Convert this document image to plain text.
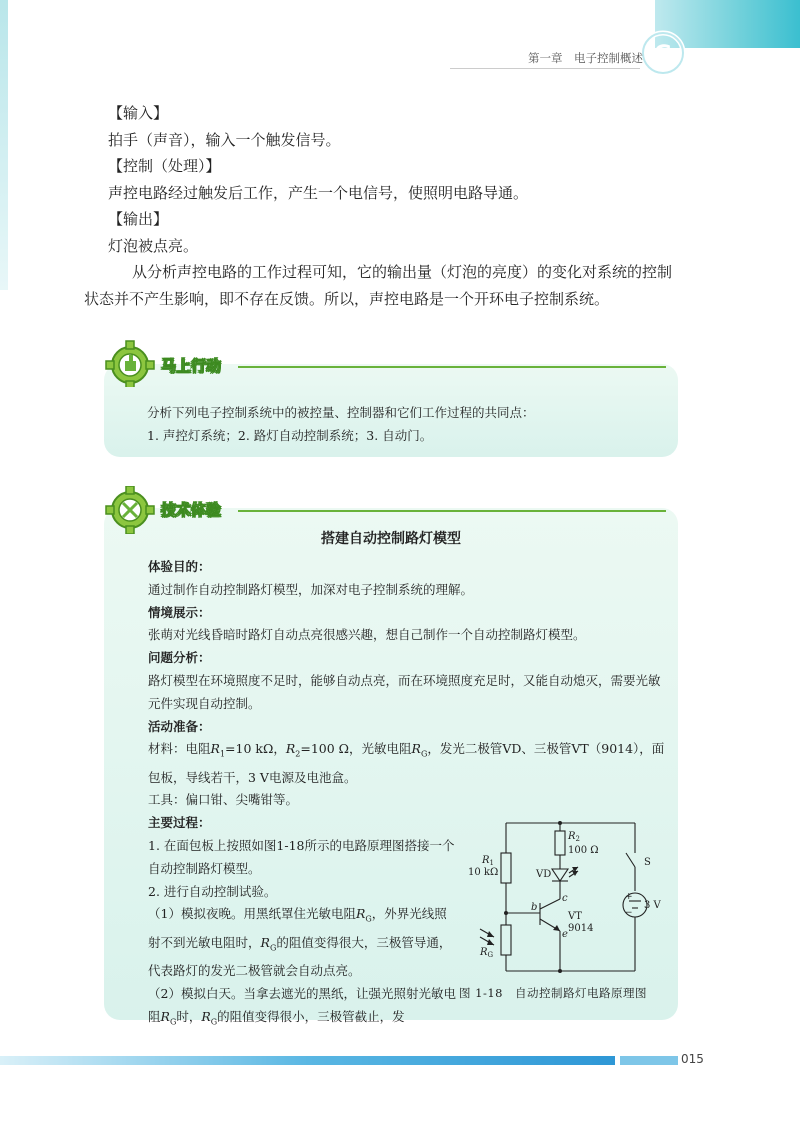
G
第一章　电子控制概述

【输入】

拍手（声音），输入一个触发信号。

【控制（处理）】

声控电路经过触发后工作，产生一个电信号，使照明电路导通。

【输出】

灯泡被点亮。

从分析声控电路的工作过程可知，它的输出量（灯泡的亮度）的变化对系统的控制状态并不产生影响，即不存在反馈。所以，声控电路是一个开环电子控制系统。

马上行动

分析下列电子控制系统中的被控量、控制器和它们工作过程的共同点：

1. 声控灯系统；2. 路灯自动控制系统；3. 自动门。

技术体验
搭建自动控制路灯模型

体验目的：

通过制作自动控制路灯模型，加深对电子控制系统的理解。

情境展示：

张萌对光线昏暗时路灯自动点亮很感兴趣，想自己制作一个自动控制路灯模型。

问题分析：

路灯模型在环境照度不足时，能够自动点亮，而在环境照度充足时，又能自动熄灭，需要光敏元件实现自动控制。

活动准备：

材料：电阻$R_1=10$ kΩ，$R_2=100$ Ω，光敏电阻$R_G$，发光二极管VD、三极管VT（9014），面包板，导线若干，3 V电源及电池盒。

工具：偏口钳、尖嘴钳等。

主要过程：

1. 在面包板上按照如图1-18所示的电路原理图搭接一个自动控制路灯模型。

2. 进行自动控制试验。

（1）模拟夜晚。用黑纸罩住光敏电阻$R_G$，外界光线照射不到光敏电阻时，$R_G$的阻值变得很大，三极管导通，代表路灯的发光二极管就会自动点亮。

（2）模拟白天。当拿去遮光的黑纸，让强光照射光敏电阻$R_G$时，$R_G$的阻值变得很小，三极管截止，发

$R_2$
100 Ω
$R_1$
10 kΩ	VD
S
3 V
+
−
VT
9014
b
c
e
$R_G$
图 1-18　自动控制路灯电路原理图
015
